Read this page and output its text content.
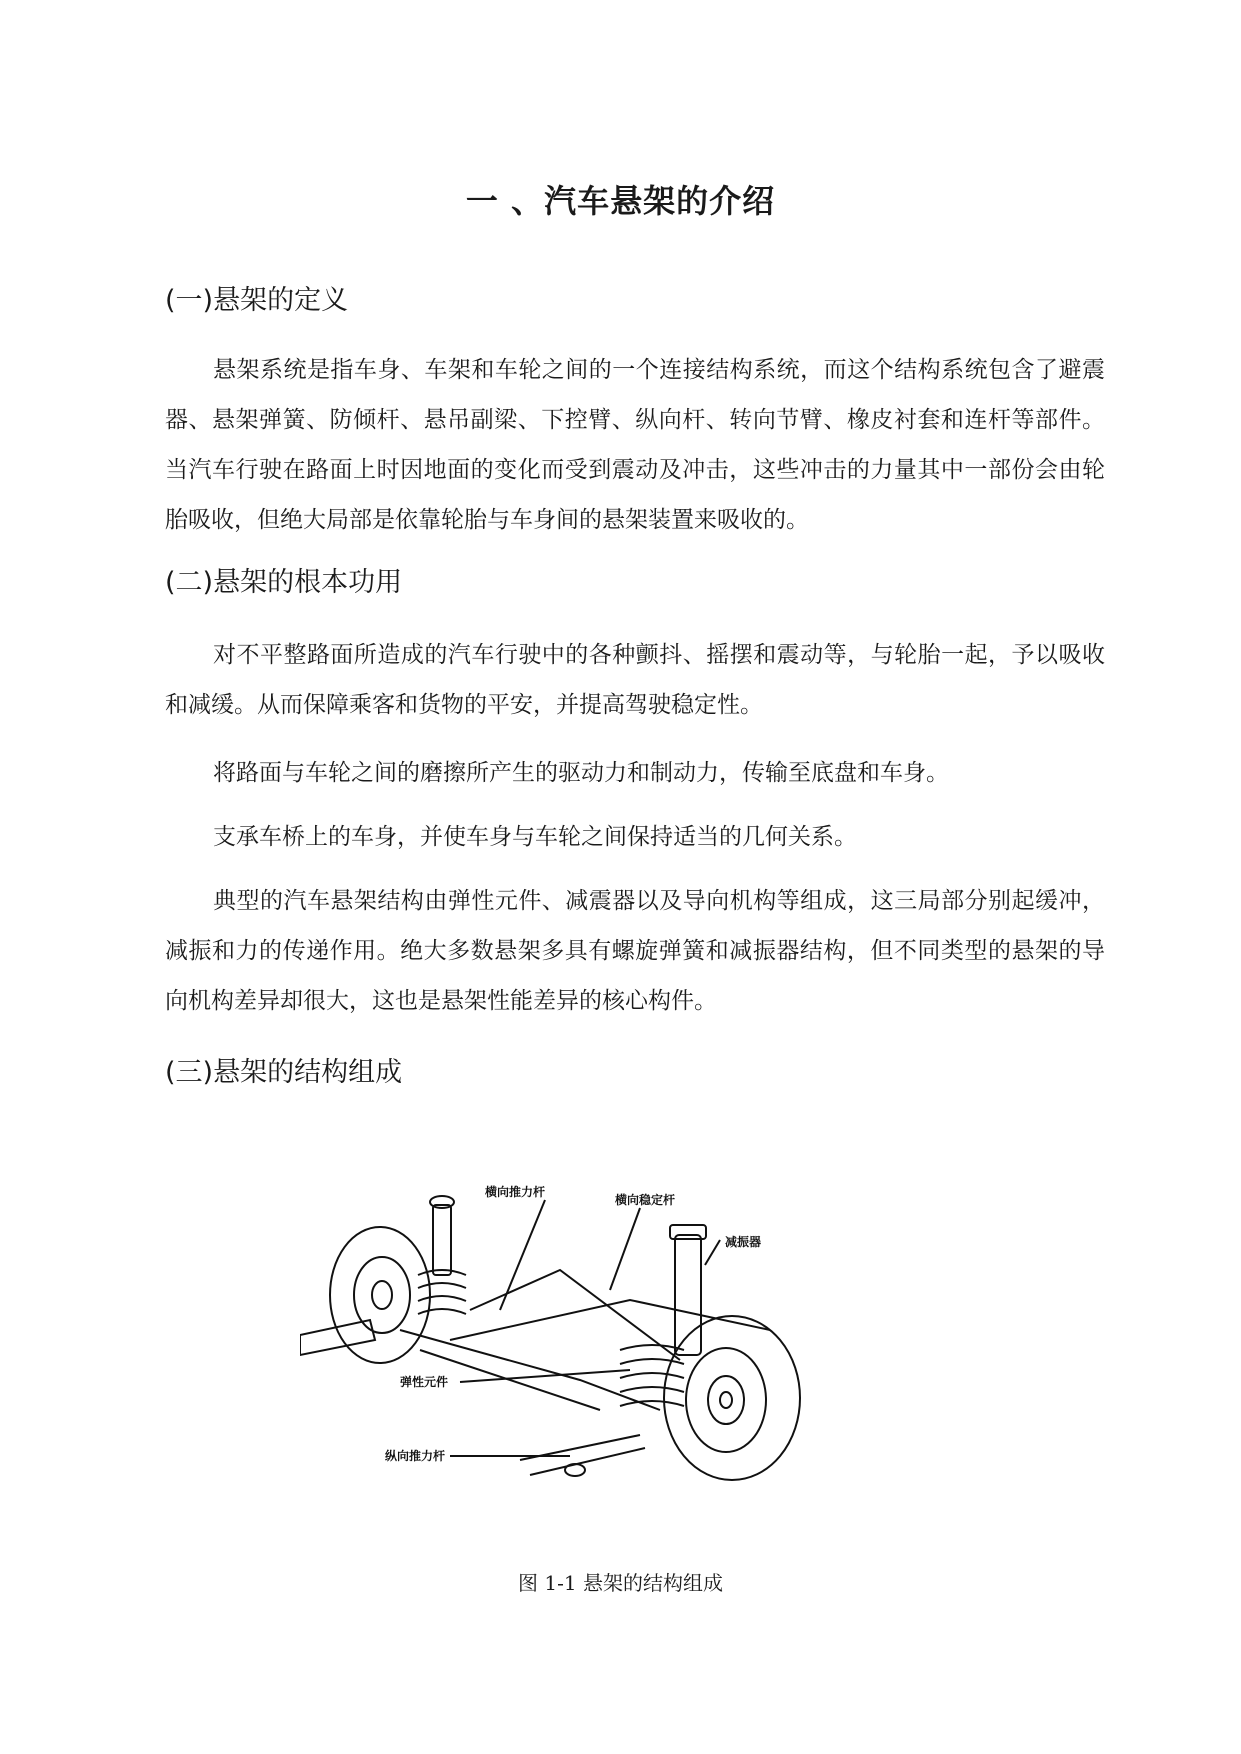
一 、汽车悬架的介绍
(一)悬架的定义
悬架系统是指车身、车架和车轮之间的一个连接结构系统，而这个结构系统包含了避震器、悬架弹簧、防倾杆、悬吊副梁、下控臂、纵向杆、转向节臂、橡皮衬套和连杆等部件。当汽车行驶在路面上时因地面的变化而受到震动及冲击，这些冲击的力量其中一部份会由轮胎吸收，但绝大局部是依靠轮胎与车身间的悬架装置来吸收的。
(二)悬架的根本功用
对不平整路面所造成的汽车行驶中的各种颤抖、摇摆和震动等，与轮胎一起，予以吸收和减缓。从而保障乘客和货物的平安，并提高驾驶稳定性。
将路面与车轮之间的磨擦所产生的驱动力和制动力，传输至底盘和车身。
支承车桥上的车身，并使车身与车轮之间保持适当的几何关系。
典型的汽车悬架结构由弹性元件、减震器以及导向机构等组成，这三局部分别起缓冲，减振和力的传递作用。绝大多数悬架多具有螺旋弹簧和减振器结构，但不同类型的悬架的导向机构差异却很大，这也是悬架性能差异的核心构件。
(三)悬架的结构组成
横向推力杆
横向稳定杆
减振器
弹性元件
纵向推力杆
图 1-1 悬架的结构组成
